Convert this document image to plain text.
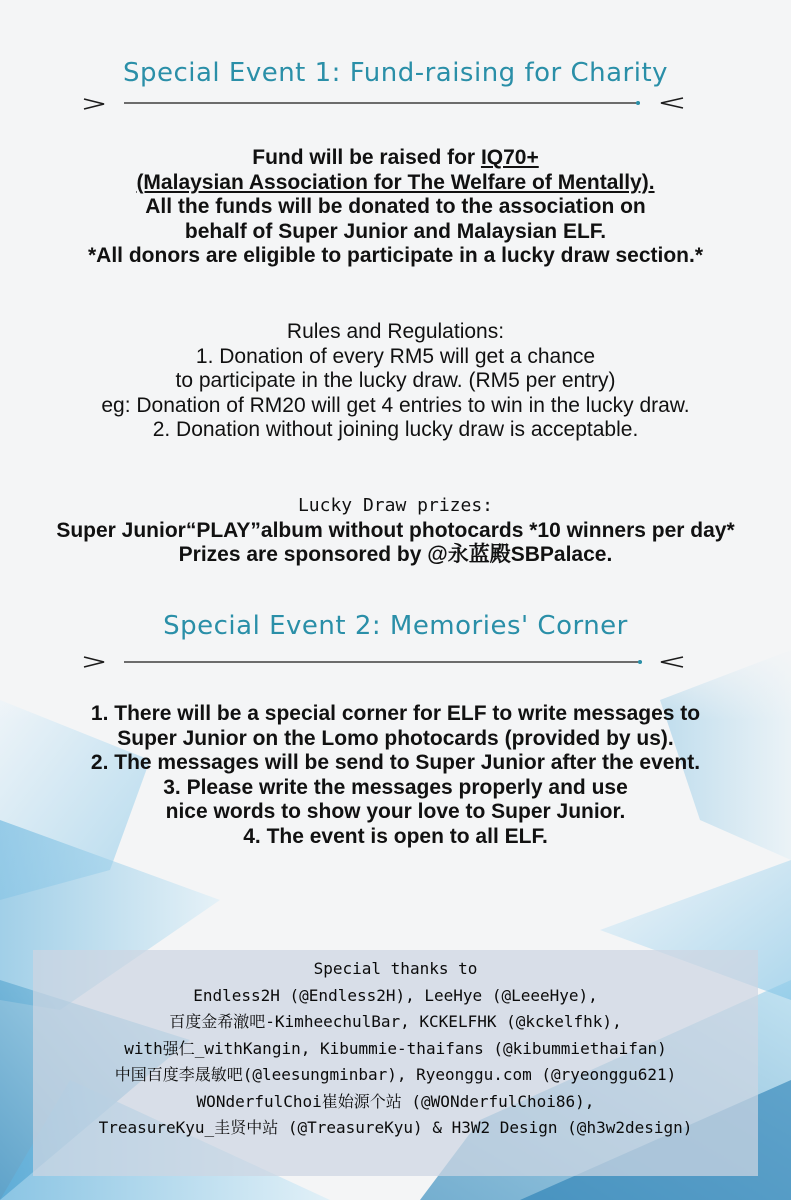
Special Event 1: Fund-raising for Charity
Fund will be raised for IQ70+
(Malaysian Association for The Welfare of Mentally).
All the funds will be donated to the association on
behalf of Super Junior and Malaysian ELF.
*All donors are eligible to participate in a lucky draw section.*
Rules and Regulations:
1. Donation of every RM5 will get a chance
to participate in the lucky draw. (RM5 per entry)
eg: Donation of RM20 will get 4 entries to win in the lucky draw.
2. Donation without joining lucky draw is acceptable.
Lucky Draw prizes:
Super Junior“PLAY”album without photocards *10 winners per day*
Prizes are sponsored by @永蓝殿SBPalace.
Special Event 2: Memories' Corner
1. There will be a special corner for ELF to write messages to
Super Junior on the Lomo photocards (provided by us).
2. The messages will be send to Super Junior after the event.
3. Please write the messages properly and use
nice words to show your love to Super Junior.
4. The event is open to all ELF.
Special thanks to
Endless2H (@Endless2H), LeeHye (@LeeeHye),
百度金希澈吧-KimheechulBar, KCKELFHK (@kckelfhk),
with强仁_withKangin, Kibummie-thaifans (@kibummiethaifan)
中国百度李晟敏吧(@leesungminbar), Ryeonggu.com (@ryeonggu621)
WONderfulChoi崔始源个站 (@WONderfulChoi86),
TreasureKyu_圭贤中站 (@TreasureKyu) & H3W2 Design (@h3w2design)
